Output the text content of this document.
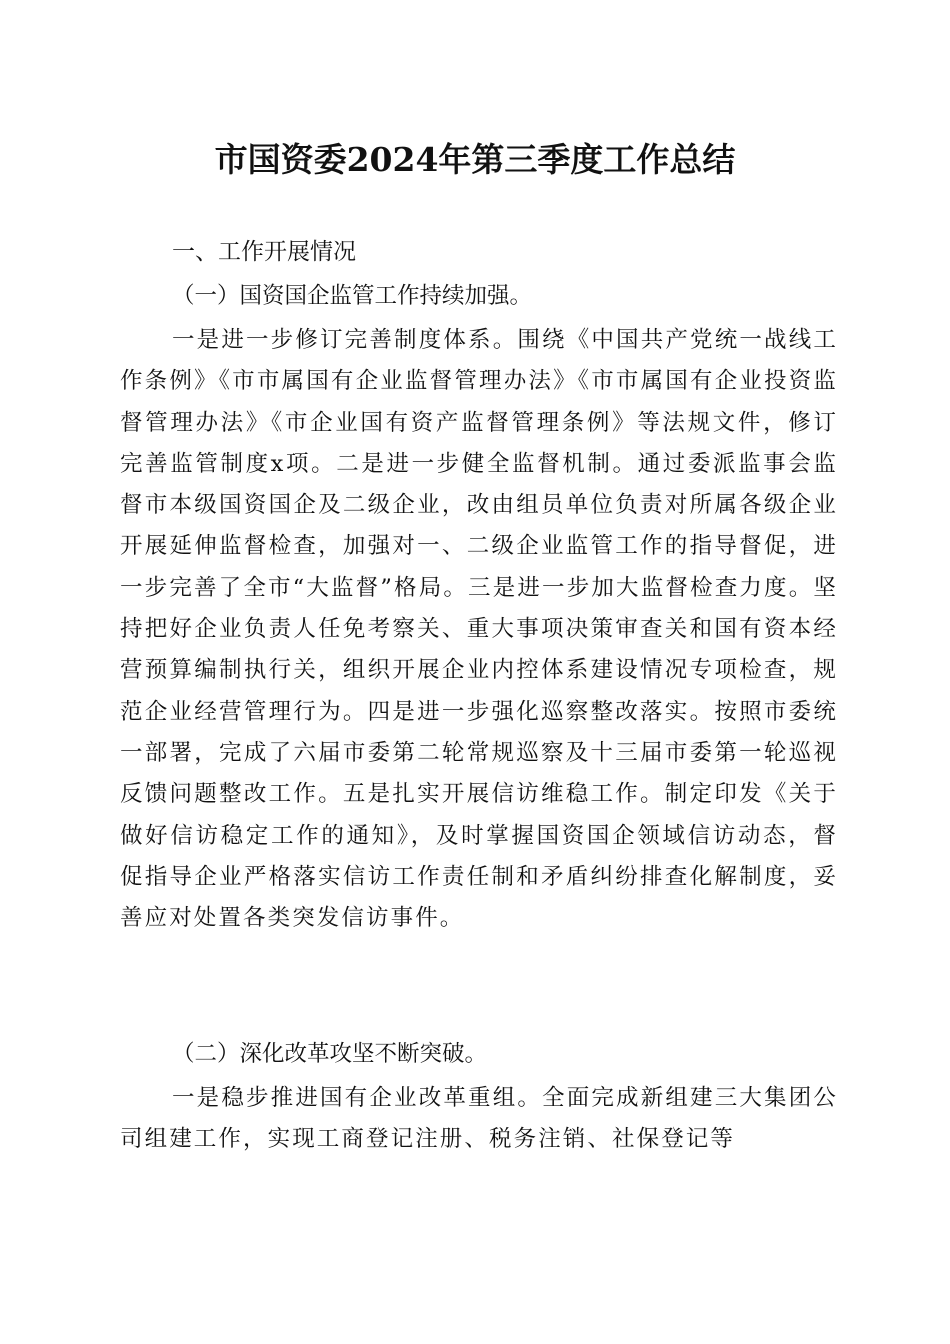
市国资委2024年第三季度工作总结

一、工作开展情况

（一）国资国企监管工作持续加强。

一是进一步修订完善制度体系。围绕《中国共产党统一战线工作条例》《市市属国有企业监督管理办法》《市市属国有企业投资监督管理办法》《市企业国有资产监督管理条例》等法规文件，修订完善监管制度x项。二是进一步健全监督机制。通过委派监事会监督市本级国资国企及二级企业，改由组员单位负责对所属各级企业开展延伸监督检查，加强对一、二级企业监管工作的指导督促，进一步完善了全市“大监督”格局。三是进一步加大监督检查力度。坚持把好企业负责人任免考察关、重大事项决策审查关和国有资本经营预算编制执行关，组织开展企业内控体系建设情况专项检查，规范企业经营管理行为。四是进一步强化巡察整改落实。按照市委统一部署，完成了六届市委第二轮常规巡察及十三届市委第一轮巡视反馈问题整改工作。五是扎实开展信访维稳工作。制定印发《关于做好信访稳定工作的通知》，及时掌握国资国企领域信访动态，督促指导企业严格落实信访工作责任制和矛盾纠纷排查化解制度，妥善应对处置各类突发信访事件。

（二）深化改革攻坚不断突破。

一是稳步推进国有企业改革重组。全面完成新组建三大集团公司组建工作，实现工商登记注册、税务注销、社保登记等
